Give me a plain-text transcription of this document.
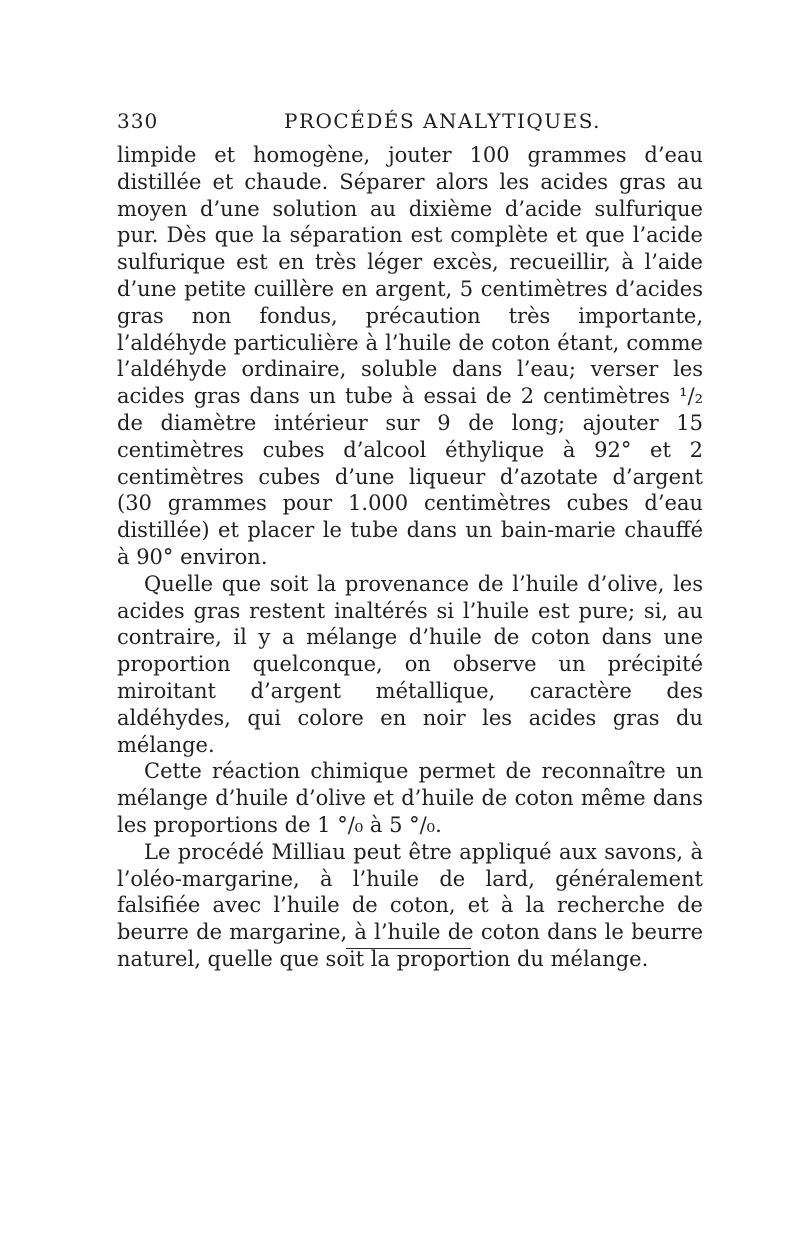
330	PROCÉDÉS ANALYTIQUES.

limpide et homogène, jouter 100 grammes d’eau distillée et chaude. Séparer alors les acides gras au moyen d’une solution au dixième d’acide sulfurique pur. Dès que la séparation est complète et que l’acide sulfurique est en très léger excès, recueillir, à l’aide d’une petite cuillère en argent, 5 centimètres d’acides gras non fondus, précaution très importante, l’aldéhyde particulière à l’huile de coton étant, comme l’aldéhyde ordinaire, soluble dans l’eau; verser les acides gras dans un tube à essai de 2 centimètres ¹/₂ de diamètre intérieur sur 9 de long; ajouter 15 centimètres cubes d’alcool éthylique à 92° et 2 centimètres cubes d’une liqueur d’azotate d’argent (30 grammes pour 1.000 centimètres cubes d’eau distillée) et placer le tube dans un bain-marie chauffé à 90° environ.

Quelle que soit la provenance de l’huile d’olive, les acides gras restent inaltérés si l’huile est pure; si, au contraire, il y a mélange d’huile de coton dans une proportion quelconque, on observe un précipité miroitant d’argent métallique, caractère des aldéhydes, qui colore en noir les acides gras du mélange.

Cette réaction chimique permet de reconnaître un mélange d’huile d’olive et d’huile de coton même dans les proportions de 1 °/₀ à 5 °/₀.

Le procédé Milliau peut être appliqué aux savons, à l’oléo-margarine, à l’huile de lard, généralement falsifiée avec l’huile de coton, et à la recherche de beurre de margarine, à l’huile de coton dans le beurre naturel, quelle que soit la proportion du mélange.
